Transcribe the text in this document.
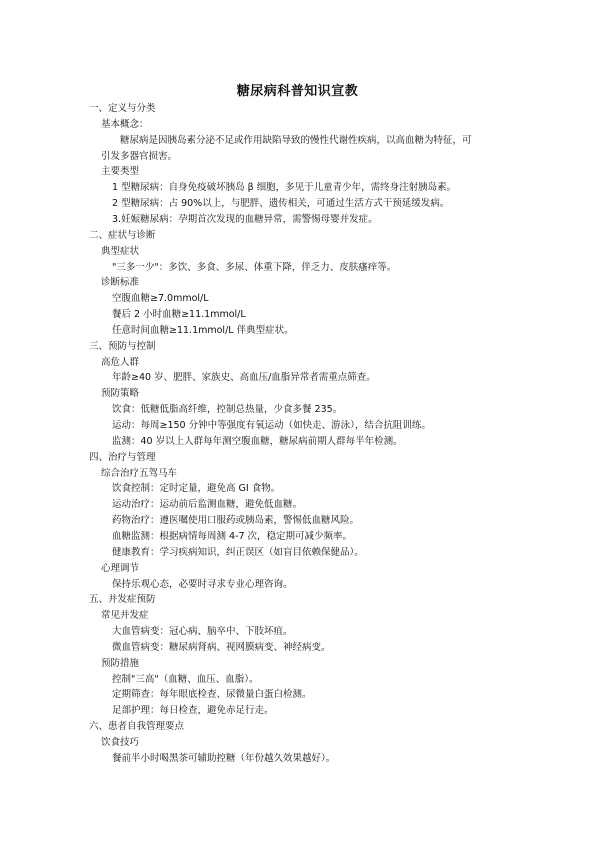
糖尿病科普知识宣教
一、定义与分类
基本概念：
糖尿病是因胰岛素分泌不足或作用缺陷导致的慢性代谢性疾病，以高血糖为特征，可
引发多器官损害。
主要类型
1 型糖尿病：自身免疫破坏胰岛 β 细胞，多见于儿童青少年，需终身注射胰岛素。
2 型糖尿病：占 90%以上，与肥胖、遗传相关，可通过生活方式干预延缓发病。
3.妊娠糖尿病：孕期首次发现的血糖异常，需警惕母婴并发症。
二、症状与诊断
典型症状
"三多一少"：多饮、多食、多尿、体重下降，伴乏力、皮肤瘙痒等。
诊断标准
空腹血糖≥7.0mmol/L
餐后 2 小时血糖≥11.1mmol/L
任意时间血糖≥11.1mmol/L 伴典型症状。
三、预防与控制
高危人群
年龄≥40 岁、肥胖、家族史、高血压/血脂异常者需重点筛查。
预防策略
饮食：低糖低脂高纤维，控制总热量，少食多餐 235。
运动：每周≥150 分钟中等强度有氧运动（如快走、游泳），结合抗阻训练。
监测：40 岁以上人群每年测空腹血糖，糖尿病前期人群每半年检测。
四、治疗与管理
综合治疗五驾马车
饮食控制：定时定量，避免高 GI 食物。
运动治疗：运动前后监测血糖，避免低血糖。
药物治疗：遵医嘱使用口服药或胰岛素，警惕低血糖风险。
血糖监测：根据病情每周测 4-7 次，稳定期可减少频率。
健康教育：学习疾病知识，纠正误区（如盲目依赖保健品）。
心理调节
保持乐观心态，必要时寻求专业心理咨询。
五、并发症预防
常见并发症
大血管病变：冠心病、脑卒中、下肢坏疽。
微血管病变：糖尿病肾病、视网膜病变、神经病变。
预防措施
控制"三高"（血糖、血压、血脂）。
定期筛查：每年眼底检查、尿微量白蛋白检测。
足部护理：每日检查，避免赤足行走。
六、患者自我管理要点
饮食技巧
餐前半小时喝黑茶可辅助控糖（年份越久效果越好）。
